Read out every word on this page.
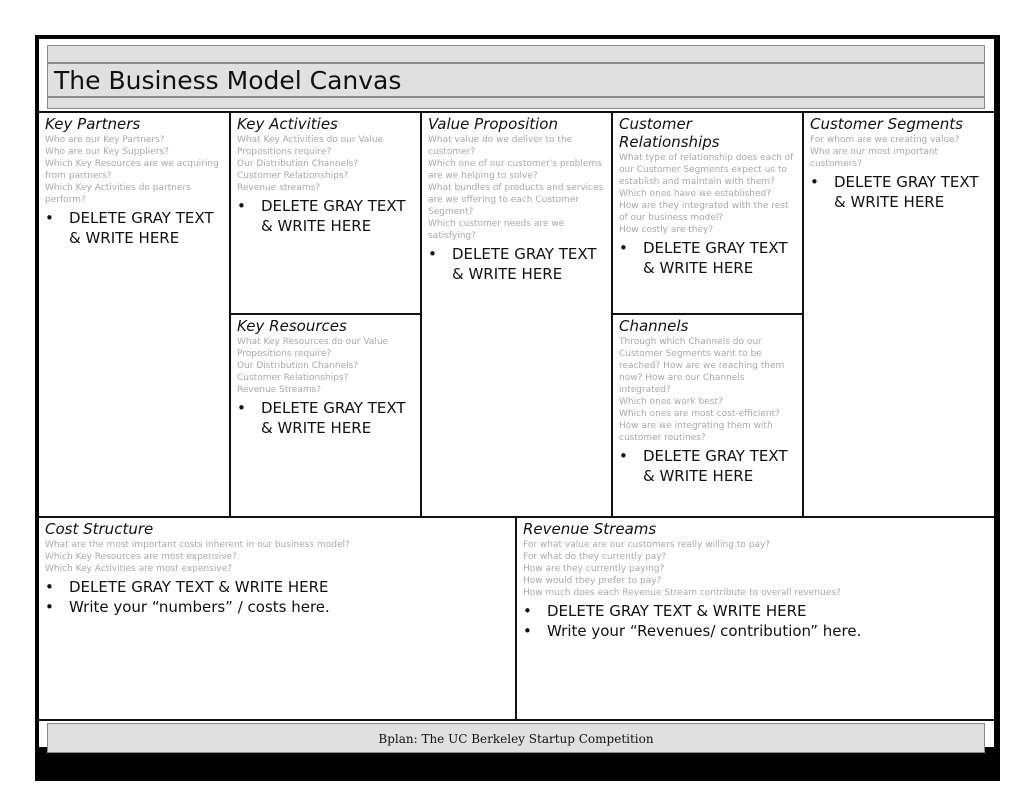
The Business Model Canvas

Key Partners

Who are our Key Partners?
Who are our Key Suppliers?
Which Key Resources are we acquiring from partners?
Which Key Activities do partners perform?
• DELETE GRAY TEXT & WRITE HERE

Key Activities

What Key Activities do our Value Propositions require?
Our Distribution Channels?
Customer Relationships?
Revenue streams?
• DELETE GRAY TEXT & WRITE HERE

Key Resources

What Key Resources do our Value Propositions require?
Our Distribution Channels?
Customer Relationships?
Revenue Streams?
• DELETE GRAY TEXT & WRITE HERE

Value Proposition

What value do we deliver to the customer?
Which one of our customer's problems are we helping to solve?
What bundles of products and services are we offering to each Customer Segment?
Which customer needs are we satisfying?
• DELETE GRAY TEXT & WRITE HERE

Customer Relationships

What type of relationship does each of our Customer Segments expect us to establish and maintain with them?
Which ones have we established?
How are they integrated with the rest of our business model?
How costly are they?
• DELETE GRAY TEXT & WRITE HERE

Channels

Through which Channels do our Customer Segments want to be reached? How are we reaching them now? How are our Channels integrated?
Which ones work best?
Which ones are most cost-efficient?
How are we integrating them with customer routines?
• DELETE GRAY TEXT & WRITE HERE

Customer Segments

For whom are we creating value?
Who are our most important customers?
• DELETE GRAY TEXT & WRITE HERE

Cost Structure

What are the most important costs inherent in our business model?
Which Key Resources are most expensive?
Which Key Activities are most expensive?
• DELETE GRAY TEXT & WRITE HERE
• Write your “numbers” / costs here.

Revenue Streams

For what value are our customers really willing to pay?
For what do they currently pay?
How are they currently paying?
How would they prefer to pay?
How much does each Revenue Stream contribute to overall revenues?
• DELETE GRAY TEXT & WRITE HERE
• Write your “Revenues/ contribution” here.
Bplan: The UC Berkeley Startup Competition
